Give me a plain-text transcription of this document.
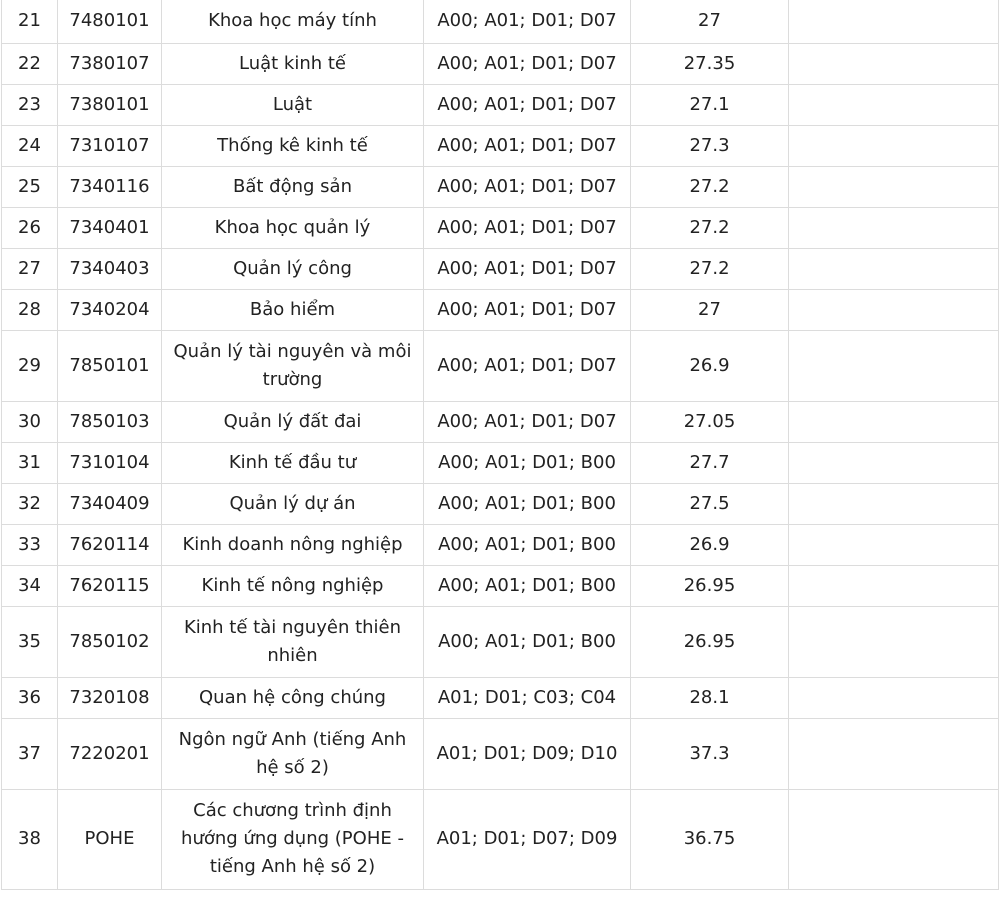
21	7480101	Khoa học máy tính	A00; A01; D01; D07	27	
22	7380107	Luật kinh tế	A00; A01; D01; D07	27.35	
23	7380101	Luật	A00; A01; D01; D07	27.1	
24	7310107	Thống kê kinh tế	A00; A01; D01; D07	27.3	
25	7340116	Bất động sản	A00; A01; D01; D07	27.2	
26	7340401	Khoa học quản lý	A00; A01; D01; D07	27.2	
27	7340403	Quản lý công	A00; A01; D01; D07	27.2	
28	7340204	Bảo hiểm	A00; A01; D01; D07	27	
29	7850101	Quản lý tài nguyên và môi trường	A00; A01; D01; D07	26.9	
30	7850103	Quản lý đất đai	A00; A01; D01; D07	27.05	
31	7310104	Kinh tế đầu tư	A00; A01; D01; B00	27.7	
32	7340409	Quản lý dự án	A00; A01; D01; B00	27.5	
33	7620114	Kinh doanh nông nghiệp	A00; A01; D01; B00	26.9	
34	7620115	Kinh tế nông nghiệp	A00; A01; D01; B00	26.95	
35	7850102	Kinh tế tài nguyên thiên nhiên	A00; A01; D01; B00	26.95	
36	7320108	Quan hệ công chúng	A01; D01; C03; C04	28.1	
37	7220201	Ngôn ngữ Anh (tiếng Anh hệ số 2)	A01; D01; D09; D10	37.3	
38	POHE	Các chương trình định hướng ứng dụng (POHE - tiếng Anh hệ số 2)	A01; D01; D07; D09	36.75	
